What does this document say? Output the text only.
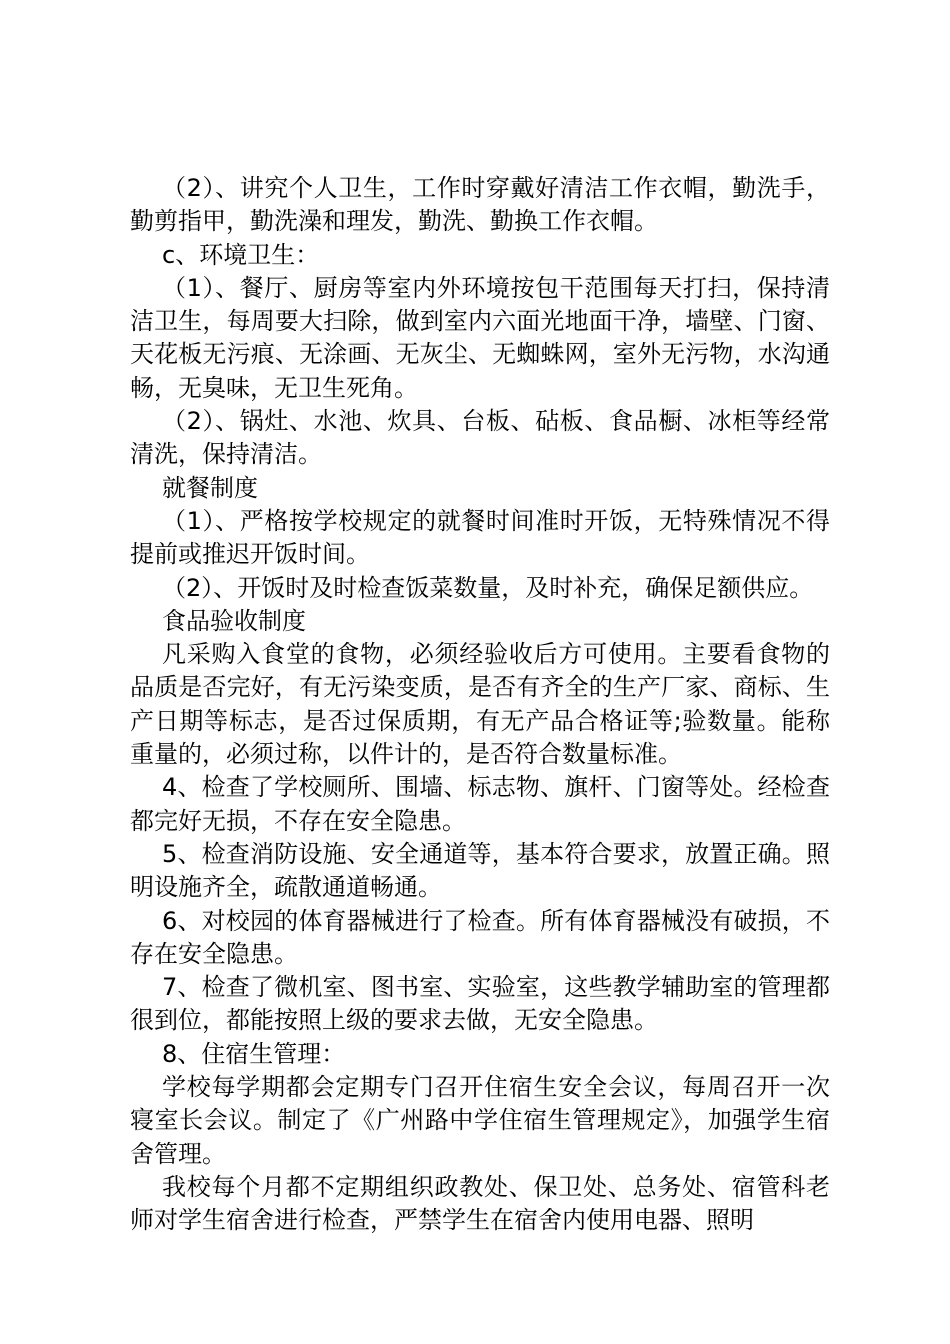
（2）、讲究个人卫生，工作时穿戴好清洁工作衣帽，勤洗手，勤剪指甲，勤洗澡和理发，勤洗、勤换工作衣帽。

c、环境卫生：

（1）、餐厅、厨房等室内外环境按包干范围每天打扫，保持清洁卫生，每周要大扫除，做到室内六面光地面干净，墙壁、门窗、天花板无污痕、无涂画、无灰尘、无蜘蛛网，室外无污物，水沟通畅，无臭味，无卫生死角。

（2）、锅灶、水池、炊具、台板、砧板、食品橱、冰柜等经常清洗，保持清洁。

就餐制度

（1）、严格按学校规定的就餐时间准时开饭，无特殊情况不得提前或推迟开饭时间。

（2）、开饭时及时检查饭菜数量，及时补充，确保足额供应。

食品验收制度

凡采购入食堂的食物，必须经验收后方可使用。主要看食物的品质是否完好，有无污染变质，是否有齐全的生产厂家、商标、生产日期等标志，是否过保质期，有无产品合格证等;验数量。能称重量的，必须过称，以件计的，是否符合数量标准。

4、检查了学校厕所、围墙、标志物、旗杆、门窗等处。经检查都完好无损，不存在安全隐患。

5、检查消防设施、安全通道等，基本符合要求，放置正确。照明设施齐全，疏散通道畅通。

6、对校园的体育器械进行了检查。所有体育器械没有破损，不存在安全隐患。

7、检查了微机室、图书室、实验室，这些教学辅助室的管理都很到位，都能按照上级的要求去做，无安全隐患。

8、住宿生管理：

学校每学期都会定期专门召开住宿生安全会议，每周召开一次寝室长会议。制定了《广州路中学住宿生管理规定》，加强学生宿舍管理。

我校每个月都不定期组织政教处、保卫处、总务处、宿管科老师对学生宿舍进行检查，严禁学生在宿舍内使用电器、照明
